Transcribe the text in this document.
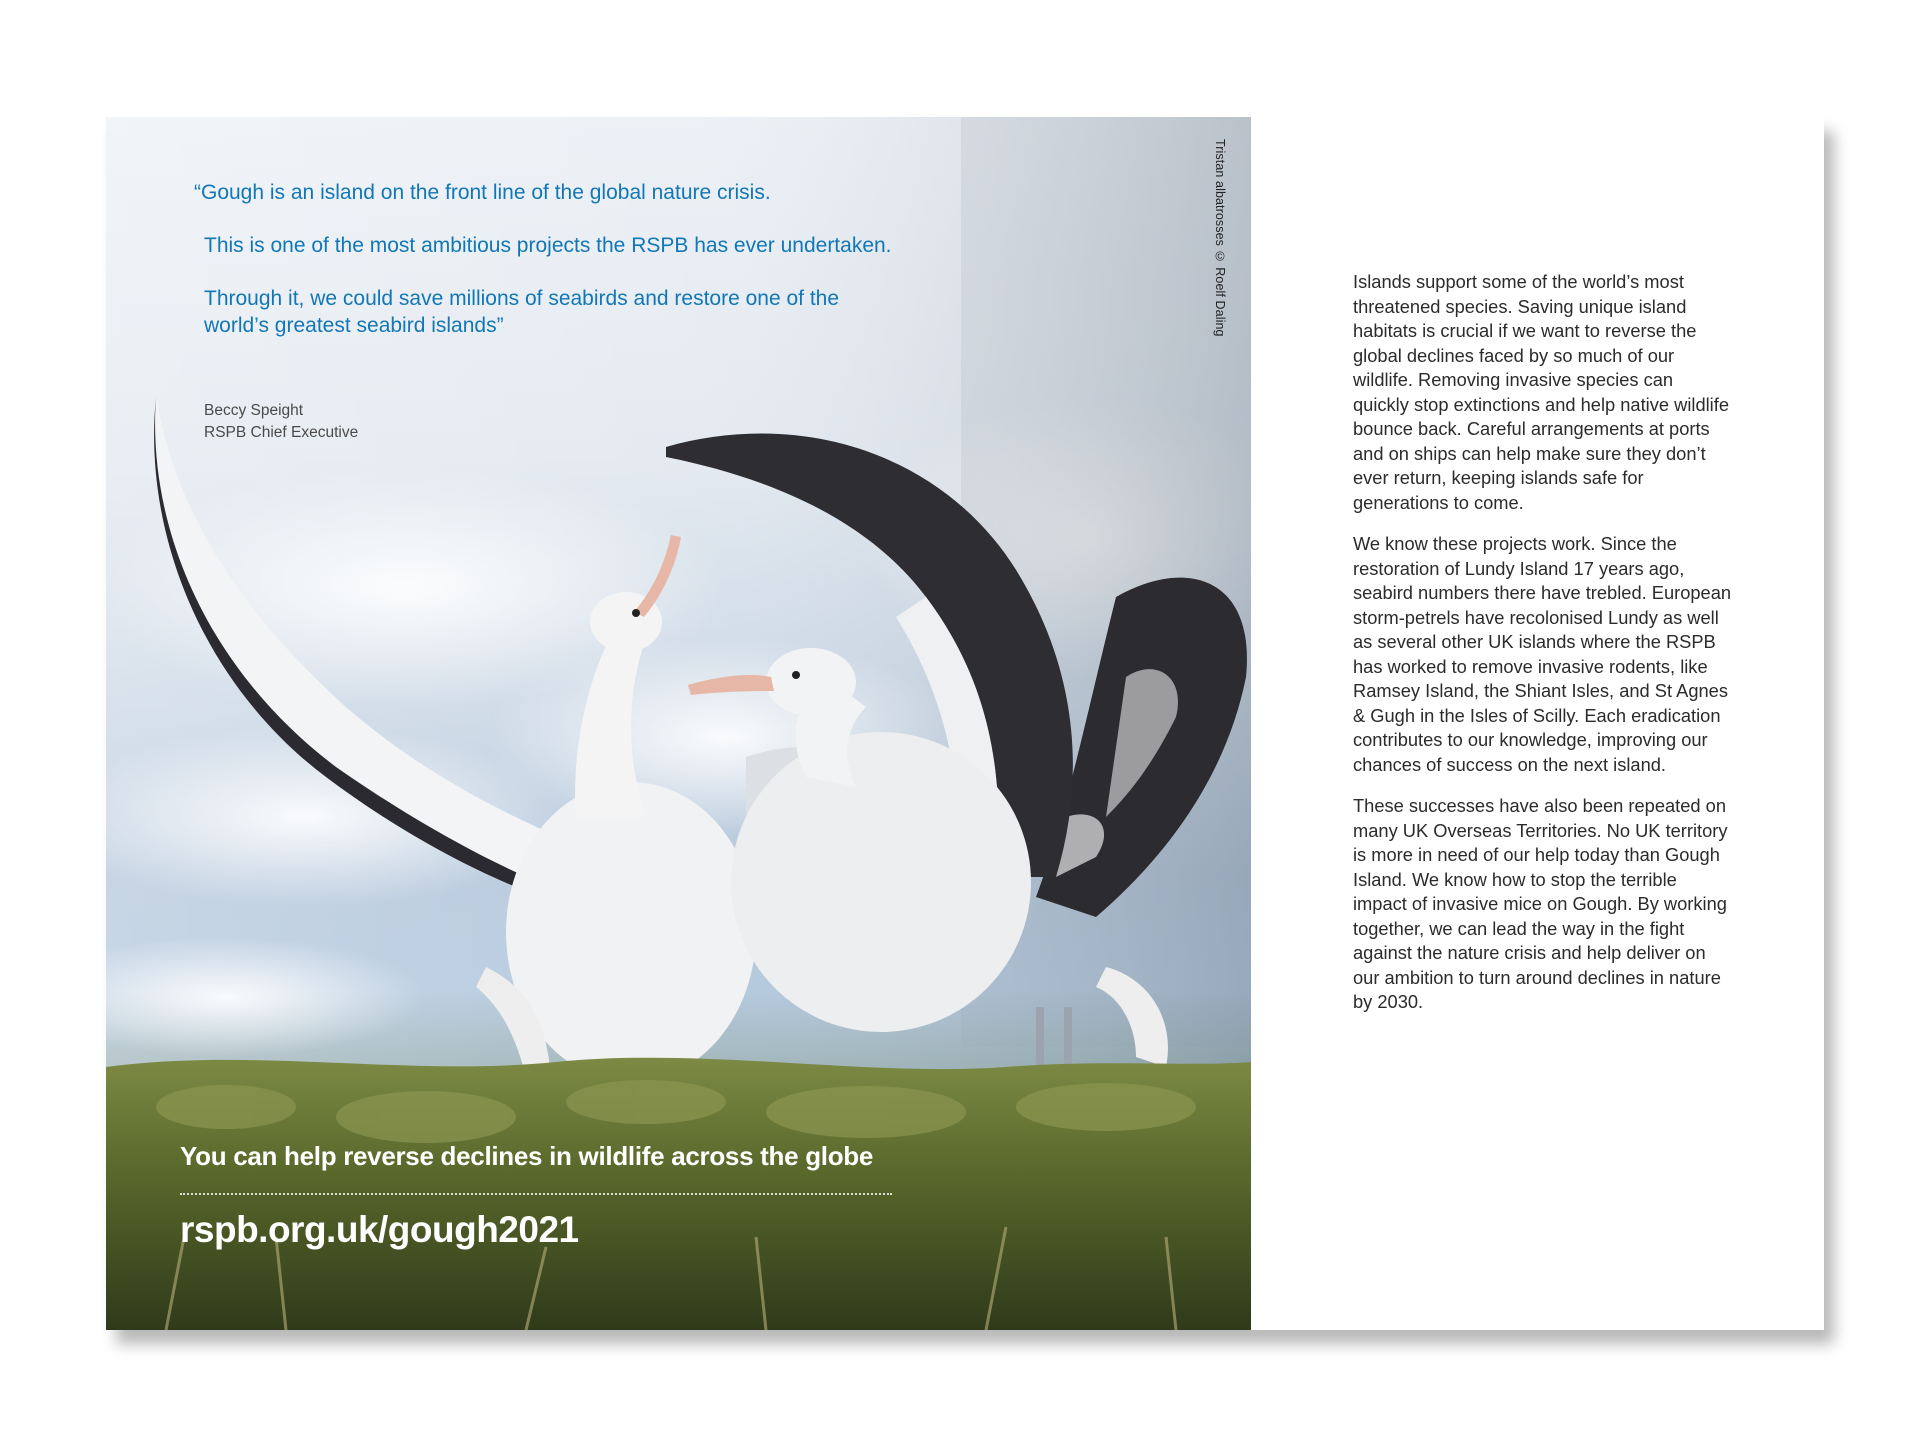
“Gough is an island on the front line of the global nature crisis.

This is one of the most ambitious projects the RSPB has ever undertaken.

Through it, we could save millions of seabirds and restore one of the world’s greatest seabird islands”

Beccy Speight
RSPB Chief Executive
Tristan albatrosses © Roelf Daling
You can help reverse declines in wildlife across the globe
rspb.org.uk/gough2021

Islands support some of the world’s most threatened species. Saving unique island habitats is crucial if we want to reverse the global declines faced by so much of our wildlife. Removing invasive species can quickly stop extinctions and help native wildlife bounce back. Careful arrangements at ports and on ships can help make sure they don’t ever return, keeping islands safe for generations to come.

We know these projects work. Since the restoration of Lundy Island 17 years ago, seabird numbers there have trebled. European storm-petrels have recolonised Lundy as well as several other UK islands where the RSPB has worked to remove invasive rodents, like Ramsey Island, the Shiant Isles, and St Agnes & Gugh in the Isles of Scilly. Each eradication contributes to our knowledge, improving our chances of success on the next island.

These successes have also been repeated on many UK Overseas Territories. No UK territory is more in need of our help today than Gough Island. We know how to stop the terrible impact of invasive mice on Gough. By working together, we can lead the way in the fight against the nature crisis and help deliver on our ambition to turn around declines in nature by 2030.
